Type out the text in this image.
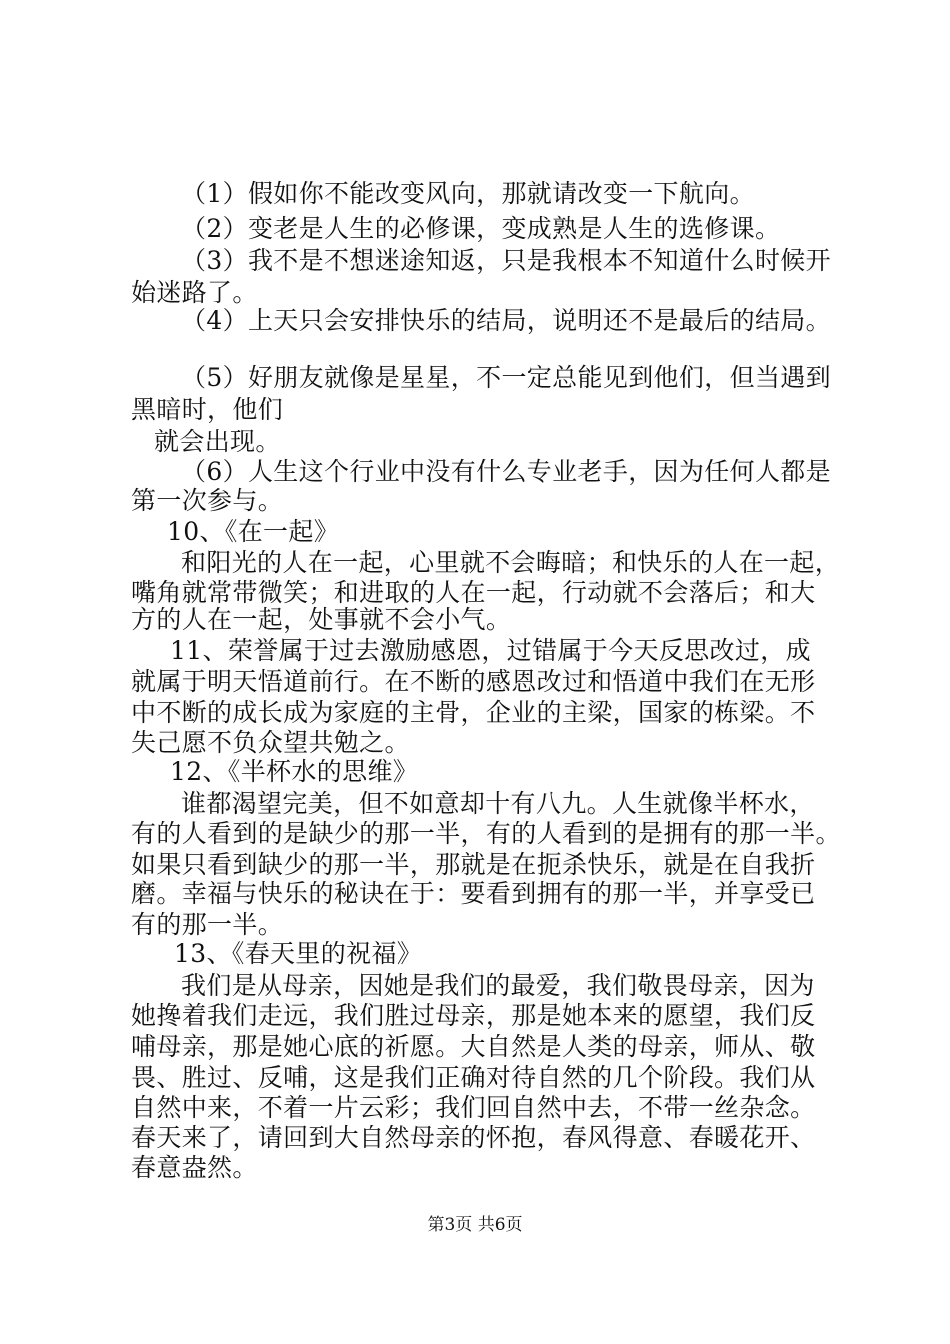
（1）假如你不能改变风向，那就请改变一下航向。
（2）变老是人生的必修课，变成熟是人生的选修课。
（3）我不是不想迷途知返，只是我根本不知道什么时候开
始迷路了。
（4）上天只会安排快乐的结局，说明还不是最后的结局。
（5）好朋友就像是星星，不一定总能见到他们，但当遇到
黑暗时，他们
就会出现。
（6）人生这个行业中没有什么专业老手，因为任何人都是
第一次参与。
10、《在一起》
和阳光的人在一起，心里就不会晦暗；和快乐的人在一起，
嘴角就常带微笑；和进取的人在一起，行动就不会落后；和大
方的人在一起，处事就不会小气。
11、荣誉属于过去激励感恩，过错属于今天反思改过，成
就属于明天悟道前行。在不断的感恩改过和悟道中我们在无形
中不断的成长成为家庭的主骨，企业的主梁，国家的栋梁。不
失己愿不负众望共勉之。
12、《半杯水的思维》
谁都渴望完美，但不如意却十有八九。人生就像半杯水，
有的人看到的是缺少的那一半，有的人看到的是拥有的那一半。
如果只看到缺少的那一半，那就是在扼杀快乐，就是在自我折
磨。幸福与快乐的秘诀在于：要看到拥有的那一半，并享受已
有的那一半。
13、《春天里的祝福》
我们是从母亲，因她是我们的最爱，我们敬畏母亲，因为
她搀着我们走远，我们胜过母亲，那是她本来的愿望，我们反
哺母亲，那是她心底的祈愿。大自然是人类的母亲，师从、敬
畏、胜过、反哺，这是我们正确对待自然的几个阶段。我们从
自然中来，不着一片云彩；我们回自然中去，不带一丝杂念。
春天来了，请回到大自然母亲的怀抱，春风得意、春暖花开、
春意盎然。
第3页 共6页
